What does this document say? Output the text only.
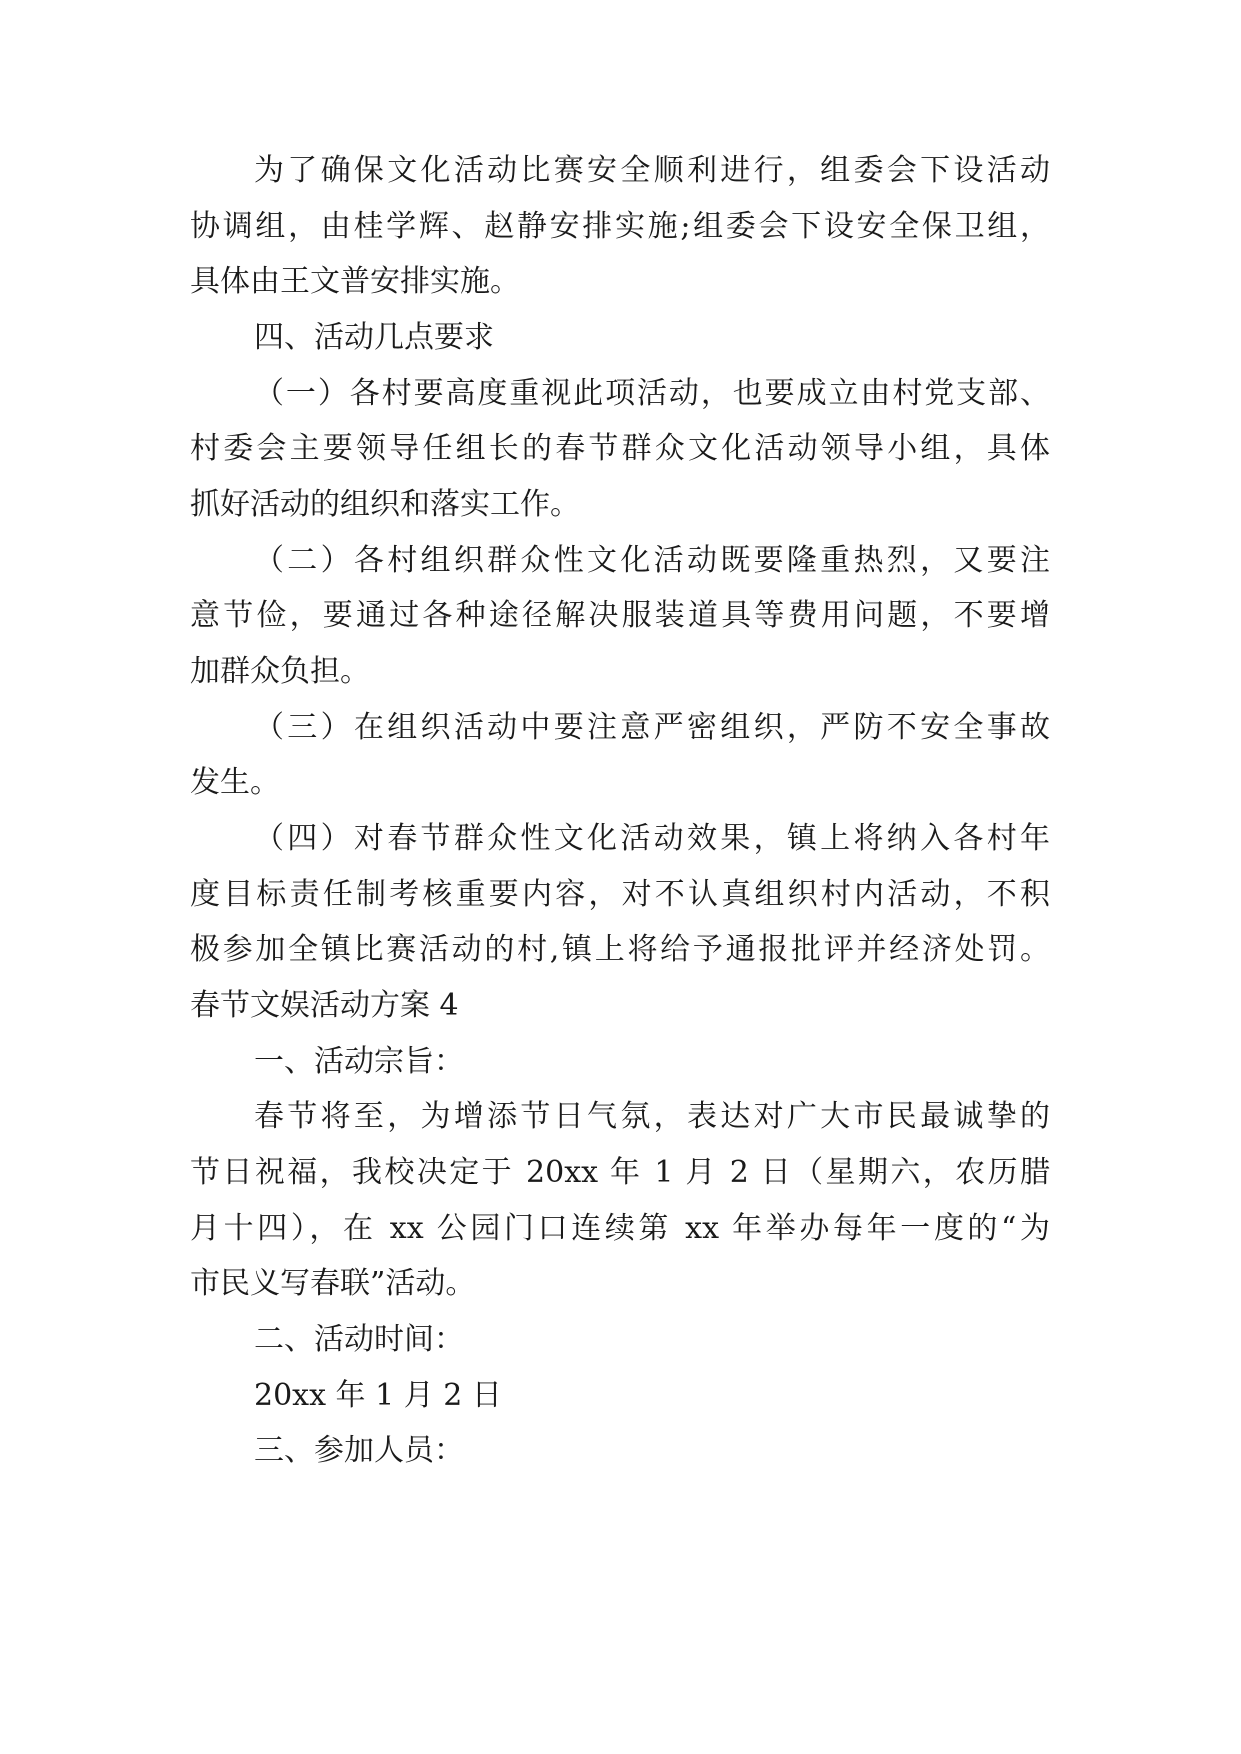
为了确保文化活动比赛安全顺利进行，组委会下设活动
协调组，由桂学辉、赵静安排实施;组委会下设安全保卫组，
具体由王文普安排实施。
四、活动几点要求
（一）各村要高度重视此项活动，也要成立由村党支部、
村委会主要领导任组长的春节群众文化活动领导小组，具体
抓好活动的组织和落实工作。
（二）各村组织群众性文化活动既要隆重热烈，又要注
意节俭，要通过各种途径解决服装道具等费用问题，不要增
加群众负担。
（三）在组织活动中要注意严密组织，严防不安全事故
发生。
（四）对春节群众性文化活动效果，镇上将纳入各村年
度目标责任制考核重要内容，对不认真组织村内活动，不积
极参加全镇比赛活动的村,镇上将给予通报批评并经济处罚。
春节文娱活动方案 4
一、活动宗旨：
春节将至，为增添节日气氛，表达对广大市民最诚挚的
节日祝福，我校决定于 20xx 年 1 月 2 日（星期六，农历腊
月十四），在 xx 公园门口连续第 xx 年举办每年一度的“为
市民义写春联”活动。
二、活动时间：
20xx 年 1 月 2 日
三、参加人员：
